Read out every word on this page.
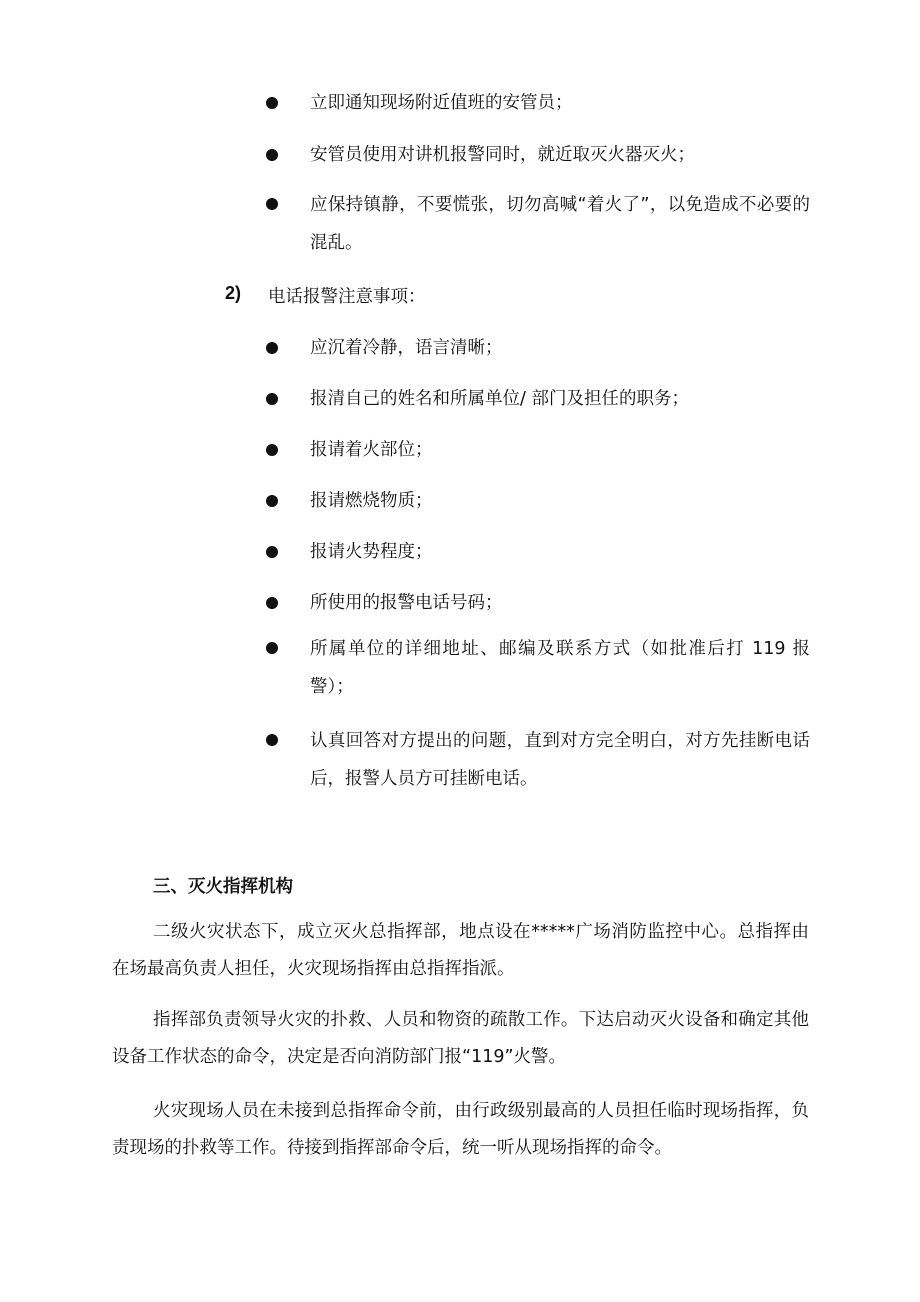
立即通知现场附近值班的安管员；
安管员使用对讲机报警同时，就近取灭火器灭火；
应保持镇静，不要慌张，切勿高喊“着火了”，以免造成不必要的混乱。
2) 电话报警注意事项：
应沉着冷静，语言清晰；
报清自己的姓名和所属单位/ 部门及担任的职务；
报请着火部位；
报请燃烧物质；
报请火势程度；
所使用的报警电话号码；
所属单位的详细地址、邮编及联系方式（如批准后打 119 报警）；
认真回答对方提出的问题，直到对方完全明白，对方先挂断电话后，报警人员方可挂断电话。
三、灭火指挥机构
二级火灾状态下，成立灭火总指挥部，地点设在*****广场消防监控中心。总指挥由在场最高负责人担任，火灾现场指挥由总指挥指派。
指挥部负责领导火灾的扑救、人员和物资的疏散工作。下达启动灭火设备和确定其他设备工作状态的命令，决定是否向消防部门报“119”火警。
火灾现场人员在未接到总指挥命令前，由行政级别最高的人员担任临时现场指挥，负责现场的扑救等工作。待接到指挥部命令后，统一听从现场指挥的命令。
